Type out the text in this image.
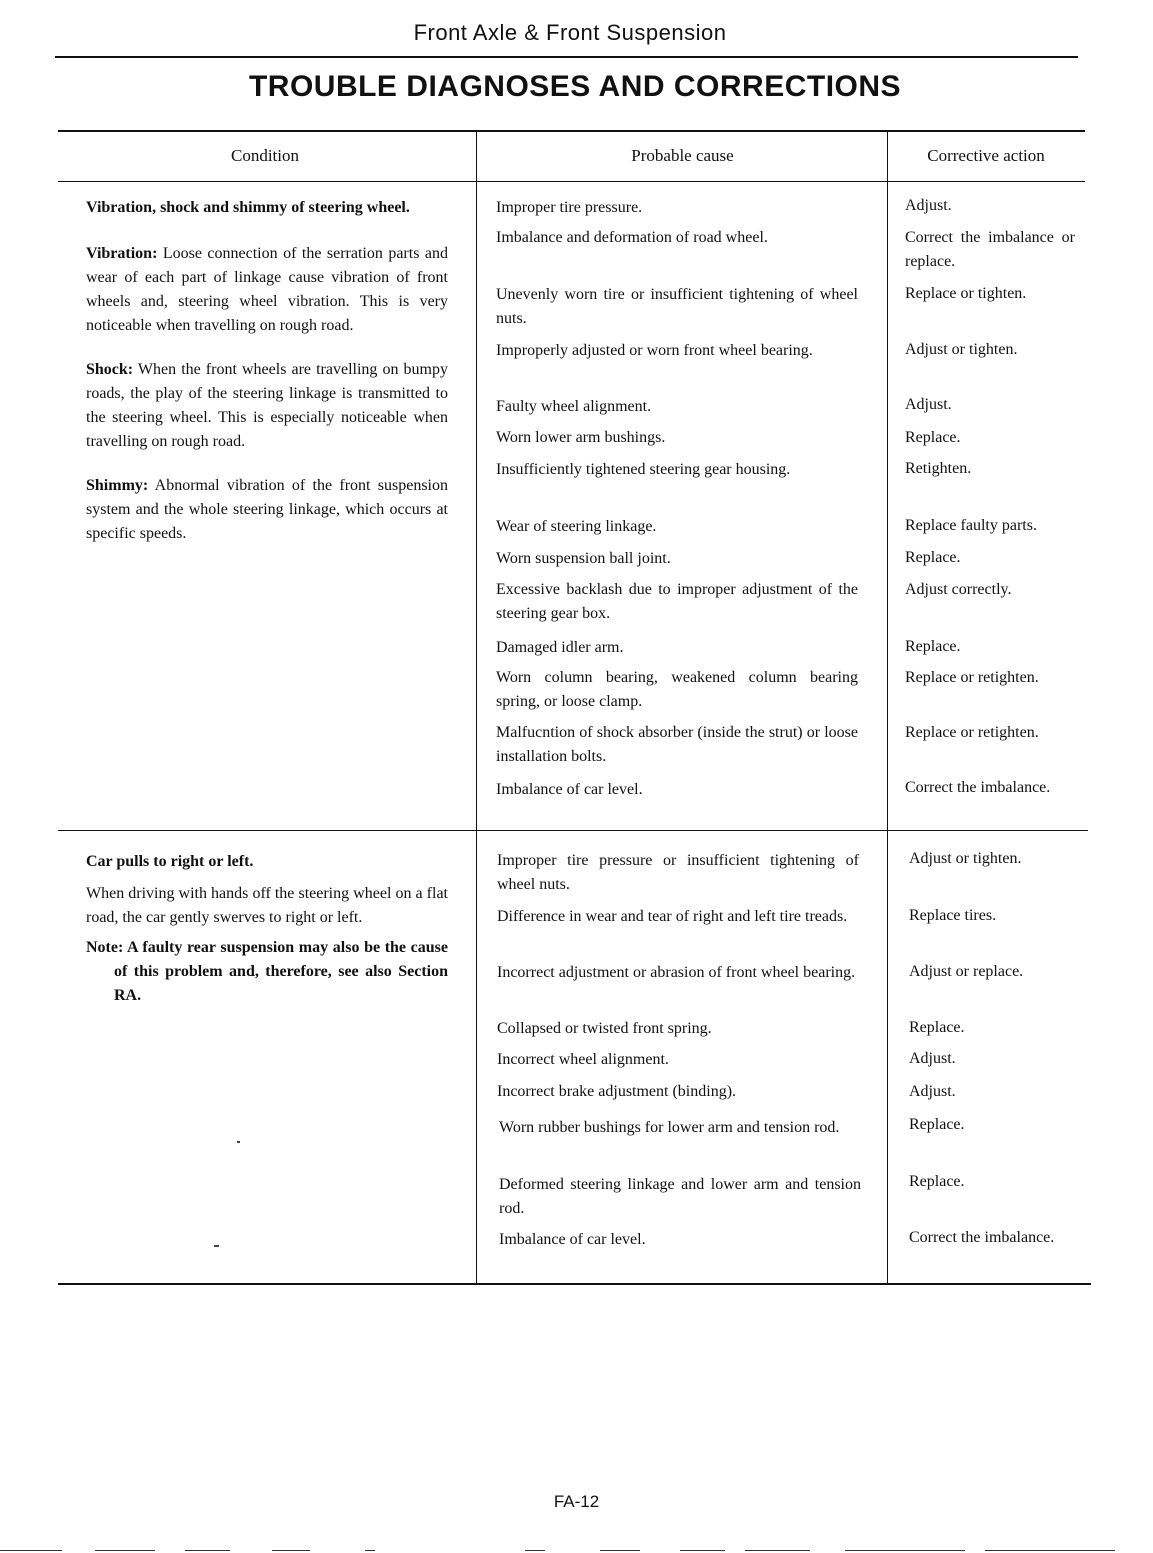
Front Axle & Front Suspension
TROUBLE DIAGNOSES AND CORRECTIONS
Condition	Probable cause	Corrective action

Vibration, shock and shimmy of steering wheel.

Vibration: Loose connection of the serration parts and wear of each part of linkage cause vibration of front wheels and, steering wheel vibration. This is very noticeable when travelling on rough road.

Shock: When the front wheels are travelling on bumpy roads, the play of the steering linkage is transmitted to the steering wheel. This is especially noticeable when travelling on rough road.

Shimmy: Abnormal vibration of the front suspension system and the whole steering linkage, which occurs at specific speeds.

Improper tire pressure.
Imbalance and deformation of road wheel.
Unevenly worn tire or insufficient tightening of wheel nuts.
Improperly adjusted or worn front wheel bearing.
Faulty wheel alignment.
Worn lower arm bushings.
Insufficiently tightened steering gear housing.
Wear of steering linkage.
Worn suspension ball joint.
Excessive backlash due to improper adjustment of the steering gear box.
Damaged idler arm.
Worn column bearing, weakened column bearing spring, or loose clamp.
Malfucntion of shock absorber (inside the strut) or loose installation bolts.
Imbalance of car level.
Adjust.
Correct the imbalance or replace.
Replace or tighten.
Adjust or tighten.
Adjust.
Replace.
Retighten.
Replace faulty parts.
Replace.
Adjust correctly.
Replace.
Replace or retighten.
Replace or retighten.
Correct the imbalance.

Car pulls to right or left.

When driving with hands off the steering wheel on a flat road, the car gently swerves to right or left.

Note: A faulty rear suspension may also be the cause of this problem and, therefore, see also Section RA.

Improper tire pressure or insufficient tightening of wheel nuts.
Difference in wear and tear of right and left tire treads.
Incorrect adjustment or abrasion of front wheel bearing.
Collapsed or twisted front spring.
Incorrect wheel alignment.
Incorrect brake adjustment (binding).
Worn rubber bushings for lower arm and tension rod.
Deformed steering linkage and lower arm and tension rod.
Imbalance of car level.
Adjust or tighten.
Replace tires.
Adjust or replace.
Replace.
Adjust.
Adjust.
Replace.
Replace.
Correct the imbalance.
FA-12
